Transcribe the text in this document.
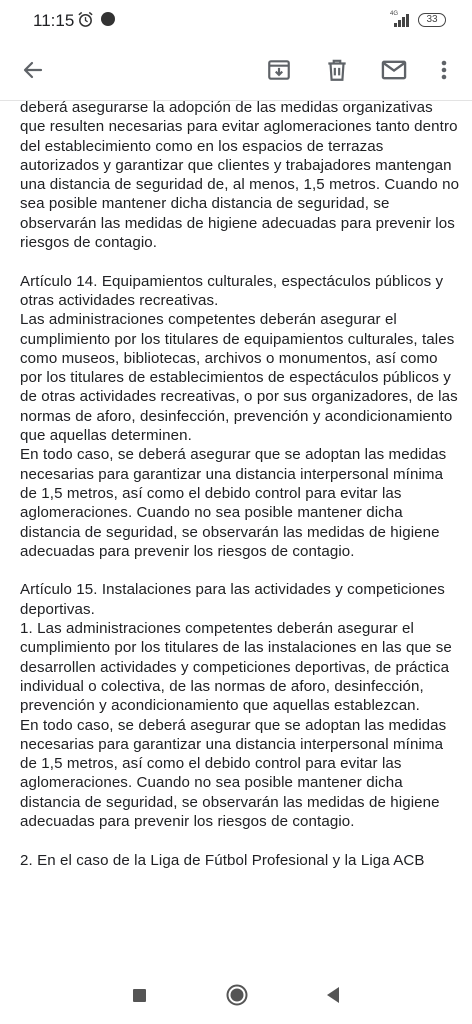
11:15	4G	33

deberá asegurarse la adopción de las medidas organizativas que resulten necesarias para evitar aglomeraciones tanto dentro del establecimiento como en los espacios de terrazas autorizados y garantizar que clientes y trabajadores mantengan una distancia de seguridad de, al menos, 1,5 metros. Cuando no sea posible mantener dicha distancia de seguridad, se observarán las medidas de higiene adecuadas para prevenir los riesgos de contagio.

Artículo 14. Equipamientos culturales, espectáculos públicos y otras actividades recreativas.

Las administraciones competentes deberán asegurar el cumplimiento por los titulares de equipamientos culturales, tales como museos, bibliotecas, archivos o monumentos, así como por los titulares de establecimientos de espectáculos públicos y de otras actividades recreativas, o por sus organizadores, de las normas de aforo, desinfección, prevención y acondicionamiento que aquellas determinen.

En todo caso, se deberá asegurar que se adoptan las medidas necesarias para garantizar una distancia interpersonal mínima de 1,5 metros, así como el debido control para evitar las aglomeraciones. Cuando no sea posible mantener dicha distancia de seguridad, se observarán las medidas de higiene adecuadas para prevenir los riesgos de contagio.

Artículo 15. Instalaciones para las actividades y competiciones deportivas.

1. Las administraciones competentes deberán asegurar el cumplimiento por los titulares de las instalaciones en las que se desarrollen actividades y competiciones deportivas, de práctica individual o colectiva, de las normas de aforo, desinfección, prevención y acondicionamiento que aquellas establezcan.

En todo caso, se deberá asegurar que se adoptan las medidas necesarias para garantizar una distancia interpersonal mínima de 1,5 metros, así como el debido control para evitar las aglomeraciones. Cuando no sea posible mantener dicha distancia de seguridad, se observarán las medidas de higiene adecuadas para prevenir los riesgos de contagio.

2. En el caso de la Liga de Fútbol Profesional y la Liga ACB
